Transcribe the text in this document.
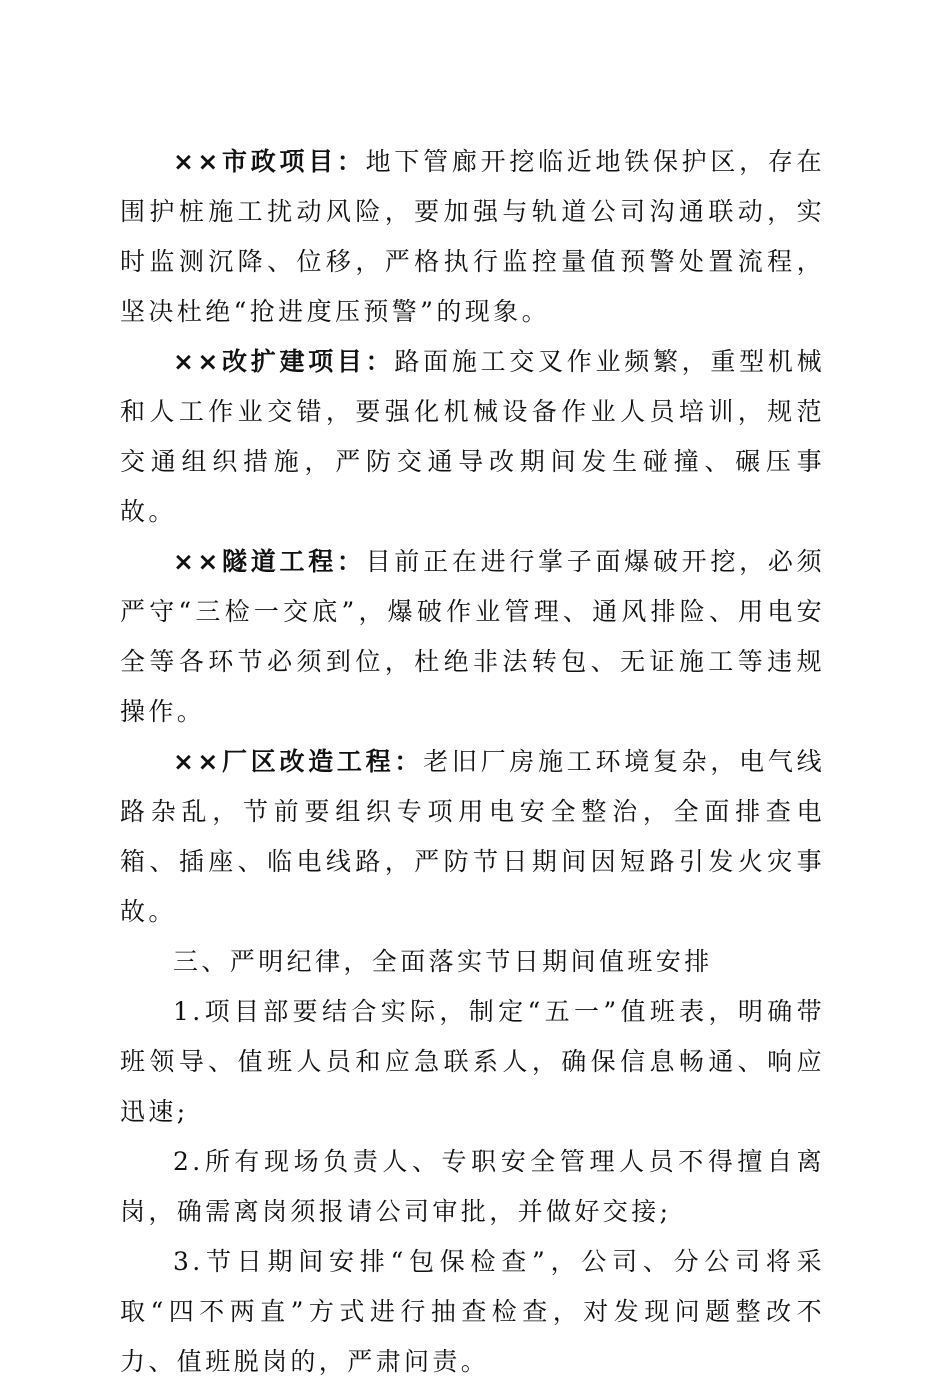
××市政项目：地下管廊开挖临近地铁保护区，存在围护桩施工扰动风险，要加强与轨道公司沟通联动，实时监测沉降、位移，严格执行监控量值预警处置流程，坚决杜绝“抢进度压预警”的现象。

××改扩建项目：路面施工交叉作业频繁，重型机械和人工作业交错，要强化机械设备作业人员培训，规范交通组织措施，严防交通导改期间发生碰撞、碾压事故。

××隧道工程：目前正在进行掌子面爆破开挖，必须严守“三检一交底”，爆破作业管理、通风排险、用电安全等各环节必须到位，杜绝非法转包、无证施工等违规操作。

××厂区改造工程：老旧厂房施工环境复杂，电气线路杂乱，节前要组织专项用电安全整治，全面排查电箱、插座、临电线路，严防节日期间因短路引发火灾事故。

三、严明纪律，全面落实节日期间值班安排

1.项目部要结合实际，制定“五一”值班表，明确带班领导、值班人员和应急联系人，确保信息畅通、响应迅速;

2.所有现场负责人、专职安全管理人员不得擅自离岗，确需离岗须报请公司审批，并做好交接;

3.节日期间安排“包保检查”，公司、分公司将采取“四不两直”方式进行抽查检查，对发现问题整改不力、值班脱岗的，严肃问责。
